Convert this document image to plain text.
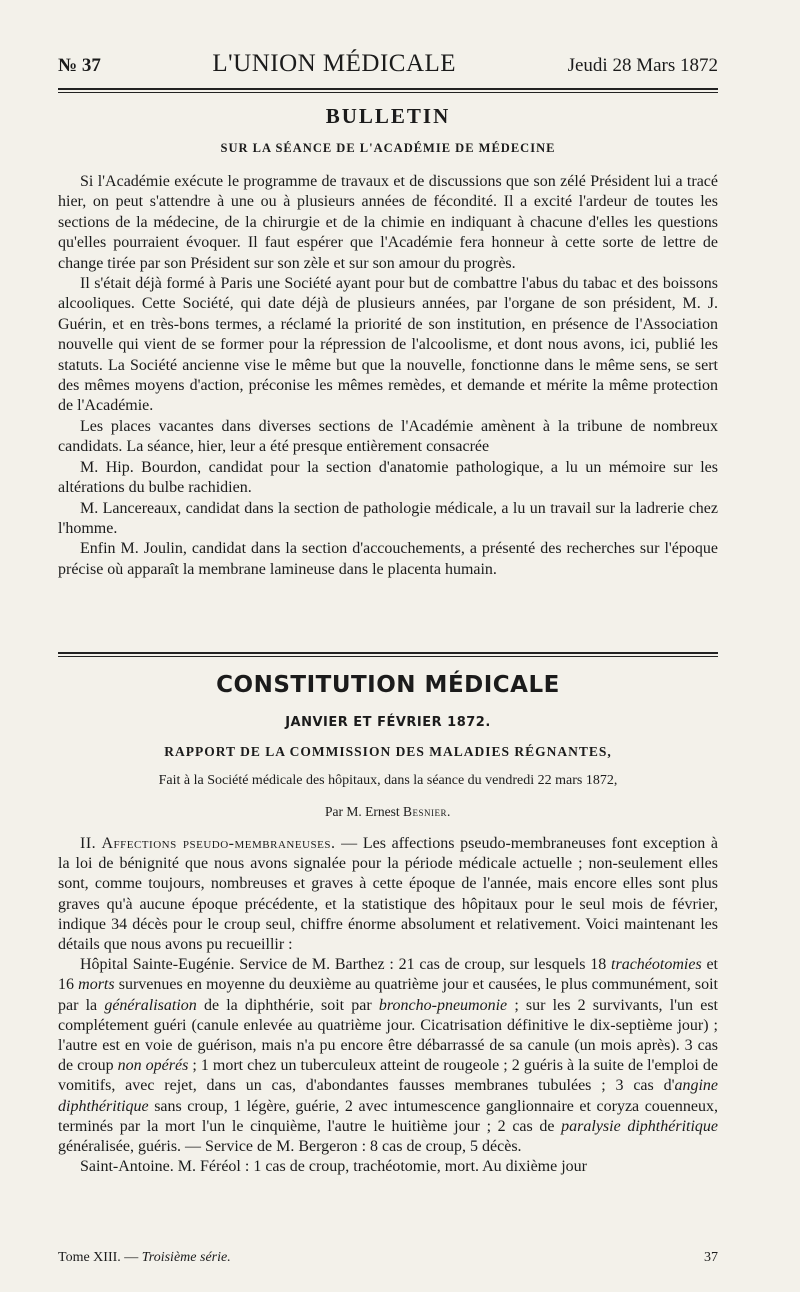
№ 37	L'UNION MÉDICALE	Jeudi 28 Mars 1872
BULLETIN
SUR LA SÉANCE DE L'ACADÉMIE DE MÉDECINE

Si l'Académie exécute le programme de travaux et de discussions que son zélé Président lui a tracé hier, on peut s'attendre à une ou à plusieurs années de fécondité. Il a excité l'ardeur de toutes les sections de la médecine, de la chirurgie et de la chimie en indiquant à chacune d'elles les questions qu'elles pourraient évoquer. Il faut espérer que l'Académie fera honneur à cette sorte de lettre de change tirée par son Président sur son zèle et sur son amour du progrès.

Il s'était déjà formé à Paris une Société ayant pour but de combattre l'abus du tabac et des boissons alcooliques. Cette Société, qui date déjà de plusieurs années, par l'organe de son président, M. J. Guérin, et en très-bons termes, a réclamé la priorité de son institution, en présence de l'Association nouvelle qui vient de se former pour la répression de l'alcoolisme, et dont nous avons, ici, publié les statuts. La Société ancienne vise le même but que la nouvelle, fonctionne dans le même sens, se sert des mêmes moyens d'action, préconise les mêmes remèdes, et demande et mérite la même protection de l'Académie.

Les places vacantes dans diverses sections de l'Académie amènent à la tribune de nombreux candidats. La séance, hier, leur a été presque entièrement consacrée

M. Hip. Bourdon, candidat pour la section d'anatomie pathologique, a lu un mémoire sur les altérations du bulbe rachidien.

M. Lancereaux, candidat dans la section de pathologie médicale, a lu un travail sur la ladrerie chez l'homme.

Enfin M. Joulin, candidat dans la section d'accouchements, a présenté des recherches sur l'époque précise où apparaît la membrane lamineuse dans le placenta humain.

CONSTITUTION MÉDICALE
JANVIER ET FÉVRIER 1872.
RAPPORT DE LA COMMISSION DES MALADIES RÉGNANTES,
Fait à la Société médicale des hôpitaux, dans la séance du vendredi 22 mars 1872,
Par M. Ernest Besnier.

II. Affections pseudo-membraneuses. — Les affections pseudo-membraneuses font exception à la loi de bénignité que nous avons signalée pour la période médicale actuelle ; non-seulement elles sont, comme toujours, nombreuses et graves à cette époque de l'année, mais encore elles sont plus graves qu'à aucune époque précédente, et la statistique des hôpitaux pour le seul mois de février, indique 34 décès pour le croup seul, chiffre énorme absolument et relativement. Voici maintenant les détails que nous avons pu recueillir :

Hôpital Sainte-Eugénie. Service de M. Barthez : 21 cas de croup, sur lesquels 18 trachéotomies et 16 morts survenues en moyenne du deuxième au quatrième jour et causées, le plus communément, soit par la généralisation de la diphthérie, soit par broncho-pneumonie ; sur les 2 survivants, l'un est complétement guéri (canule enlevée au quatrième jour. Cicatrisation définitive le dix-septième jour) ; l'autre est en voie de guérison, mais n'a pu encore être débarrassé de sa canule (un mois après). 3 cas de croup non opérés ; 1 mort chez un tuberculeux atteint de rougeole ; 2 guéris à la suite de l'emploi de vomitifs, avec rejet, dans un cas, d'abondantes fausses membranes tubulées ; 3 cas d'angine diphthéritique sans croup, 1 légère, guérie, 2 avec intumescence ganglionnaire et coryza couenneux, terminés par la mort l'un le cinquième, l'autre le huitième jour ; 2 cas de paralysie diphthéritique généralisée, guéris. — Service de M. Bergeron : 8 cas de croup, 5 décès.

Saint-Antoine. M. Féréol : 1 cas de croup, trachéotomie, mort. Au dixième jour

Tome XIII. — Troisième série.	37
